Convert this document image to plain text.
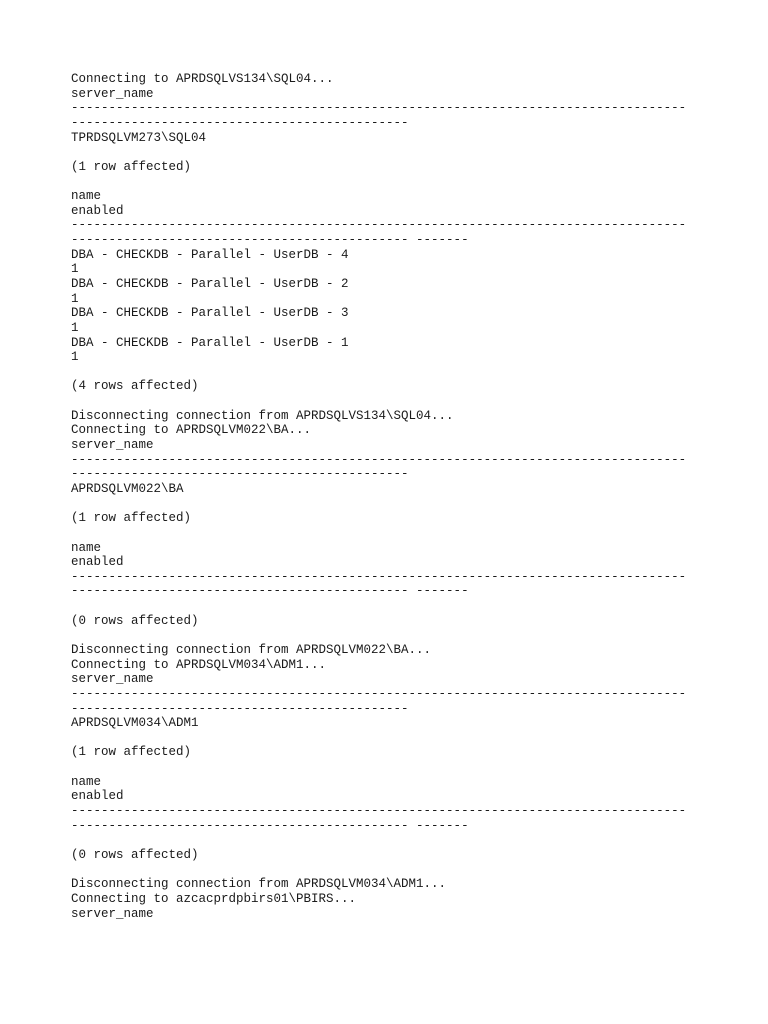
Connecting to APRDSQLVS134\SQL04...
server_name
----------------------------------------------------------------------------------
---------------------------------------------
TPRDSQLVM273\SQL04
(1 row affected)
name
enabled
----------------------------------------------------------------------------------
--------------------------------------------- -------
DBA - CHECKDB - Parallel - UserDB - 4
1
DBA - CHECKDB - Parallel - UserDB - 2
1
DBA - CHECKDB - Parallel - UserDB - 3
1
DBA - CHECKDB - Parallel - UserDB - 1
1
(4 rows affected)
Disconnecting connection from APRDSQLVS134\SQL04...
Connecting to APRDSQLVM022\BA...
server_name
----------------------------------------------------------------------------------
---------------------------------------------
APRDSQLVM022\BA
(1 row affected)
name
enabled
----------------------------------------------------------------------------------
--------------------------------------------- -------
(0 rows affected)
Disconnecting connection from APRDSQLVM022\BA...
Connecting to APRDSQLVM034\ADM1...
server_name
----------------------------------------------------------------------------------
---------------------------------------------
APRDSQLVM034\ADM1
(1 row affected)
name
enabled
----------------------------------------------------------------------------------
--------------------------------------------- -------
(0 rows affected)
Disconnecting connection from APRDSQLVM034\ADM1...
Connecting to azcacprdpbirs01\PBIRS...
server_name
